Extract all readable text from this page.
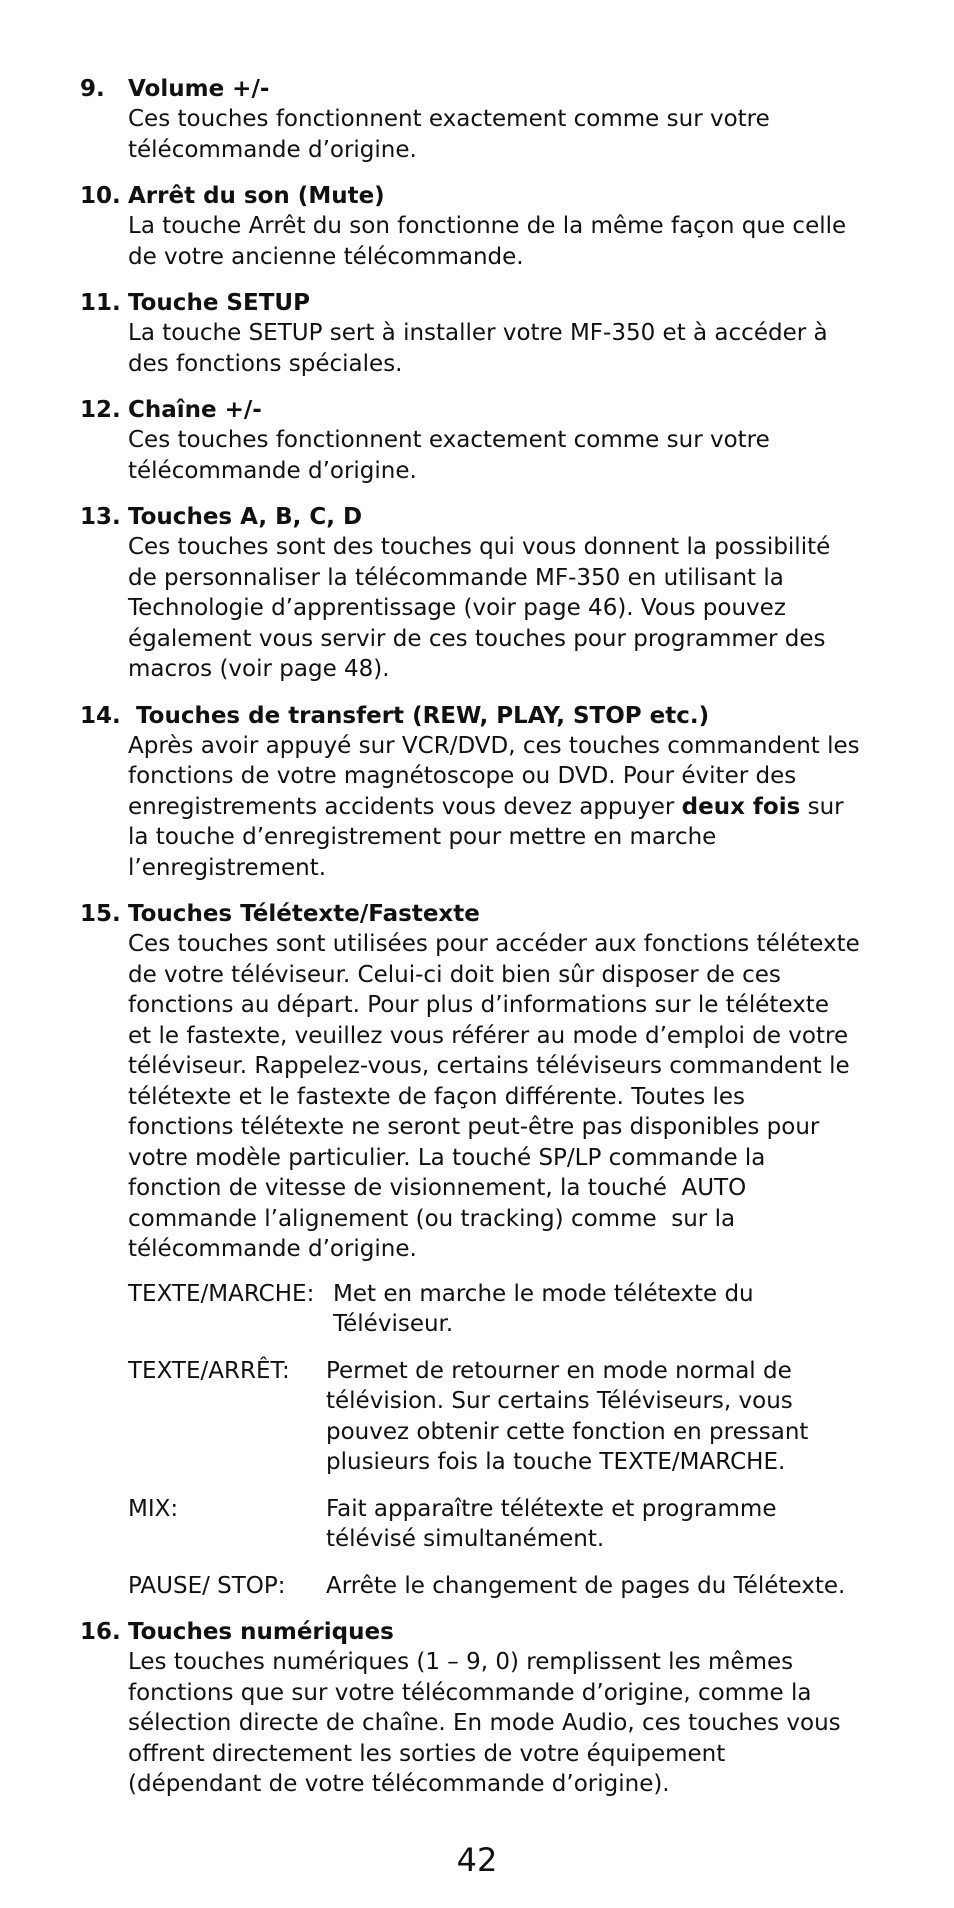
9. Volume +/-
Ces touches fonctionnent exactement comme sur votre
télécommande d’origine.
10. Arrêt du son (Mute)
La touche Arrêt du son fonctionne de la même façon que celle
de votre ancienne télécommande.
11. Touche SETUP
La touche SETUP sert à installer votre MF-350 et à accéder à
des fonctions spéciales.
12. Chaîne +/-
Ces touches fonctionnent exactement comme sur votre
télécommande d’origine.
13. Touches A, B, C, D
Ces touches sont des touches qui vous donnent la possibilité
de personnaliser la télécommande MF-350 en utilisant la
Technologie d’apprentissage (voir page 46). Vous pouvez
également vous servir de ces touches pour programmer des
macros (voir page 48).
14. Touches de transfert (REW, PLAY, STOP etc.)
Après avoir appuyé sur VCR/DVD, ces touches commandent les
fonctions de votre magnétoscope ou DVD. Pour éviter des
enregistrements accidents vous devez appuyer deux fois sur
la touche d’enregistrement pour mettre en marche
l’enregistrement.
15. Touches Télétexte/Fastexte
Ces touches sont utilisées pour accéder aux fonctions télétexte
de votre téléviseur. Celui-ci doit bien sûr disposer de ces
fonctions au départ. Pour plus d’informations sur le télétexte
et le fastexte, veuillez vous référer au mode d’emploi de votre
téléviseur. Rappelez-vous, certains téléviseurs commandent le
télétexte et le fastexte de façon différente. Toutes les
fonctions télétexte ne seront peut-être pas disponibles pour
votre modèle particulier. La touché SP/LP commande la
fonction de vitesse de visionnement, la touché  AUTO
commande l’alignement (ou tracking) comme  sur la
télécommande d’origine.
TEXTE/MARCHE: Met en marche le mode télétexte du
Téléviseur.
TEXTE/ARRÊT:	Permet de retourner en mode normal de
télévision. Sur certains Téléviseurs, vous
pouvez obtenir cette fonction en pressant
plusieurs fois la touche TEXTE/MARCHE.
MIX:	Fait apparaître télétexte et programme
télévisé simultanément.
PAUSE/ STOP:	Arrête le changement de pages du Télétexte.
16. Touches numériques
Les touches numériques (1 – 9, 0) remplissent les mêmes
fonctions que sur votre télécommande d’origine, comme la
sélection directe de chaîne. En mode Audio, ces touches vous
offrent directement les sorties de votre équipement
(dépendant de votre télécommande d’origine).
42
